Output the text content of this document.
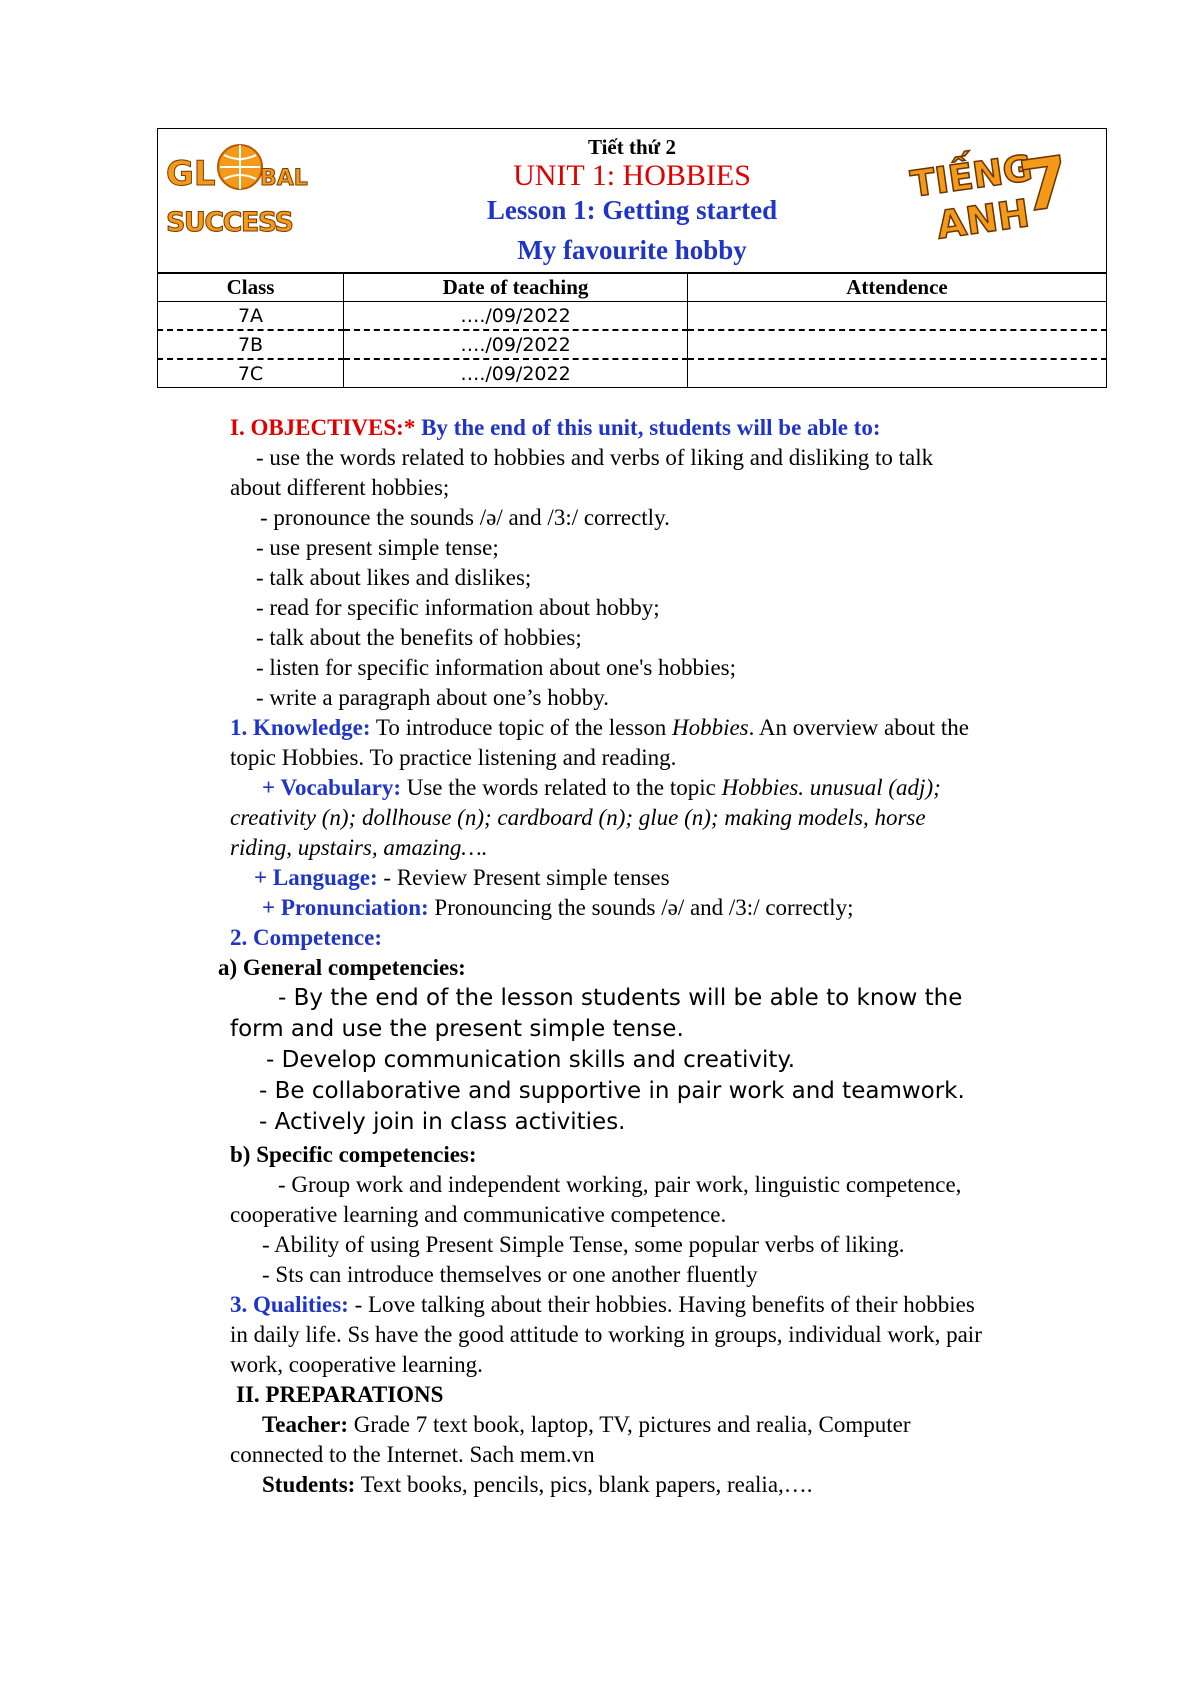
GL BAL
SUCCESS
Tiết thứ 2
UNIT 1: HOBBIES
Lesson 1: Getting started
My favourite hobby
TIẾNG
ANH
7
Class	Date of teaching	Attendence
7A	…./09/2022	
7B	…./09/2022	
7C	…./09/2022	
I. OBJECTIVES:* By the end of this unit, students will be able to:
- use the words related to hobbies and verbs of liking and disliking to talk
about different hobbies;
- pronounce the sounds /ə/ and /3:/ correctly.
- use present simple tense;
- talk about likes and dislikes;
- read for specific information about hobby;
- talk about the benefits of hobbies;
- listen for specific information about one's hobbies;
- write a paragraph about one’s hobby.
1. Knowledge: To introduce topic of the lesson Hobbies. An overview about the
topic Hobbies. To practice listening and reading.
+ Vocabulary: Use the words related to the topic Hobbies. unusual (adj);
creativity (n); dollhouse (n); cardboard (n); glue (n); making models, horse
riding, upstairs, amazing….
+ Language: - Review Present simple tenses
+ Pronunciation: Pronouncing the sounds /ə/ and /3:/ correctly;
2. Competence:
a) General competencies:
- By the end of the lesson students will be able to know the
form and use the present simple tense.
- Develop communication skills and creativity.
- Be collaborative and supportive in pair work and teamwork.
- Actively join in class activities.
b) Specific competencies:
- Group work and independent working, pair work, linguistic competence,
cooperative learning and communicative competence.
- Ability of using Present Simple Tense, some popular verbs of liking.
- Sts can introduce themselves or one another fluently
3. Qualities: - Love talking about their hobbies. Having benefits of their hobbies
in daily life. Ss have the good attitude to working in groups, individual work, pair
work, cooperative learning.
II. PREPARATIONS
Teacher: Grade 7 text book, laptop, TV, pictures and realia, Computer
connected to the Internet. Sach mem.vn
Students: Text books, pencils, pics, blank papers, realia,….
